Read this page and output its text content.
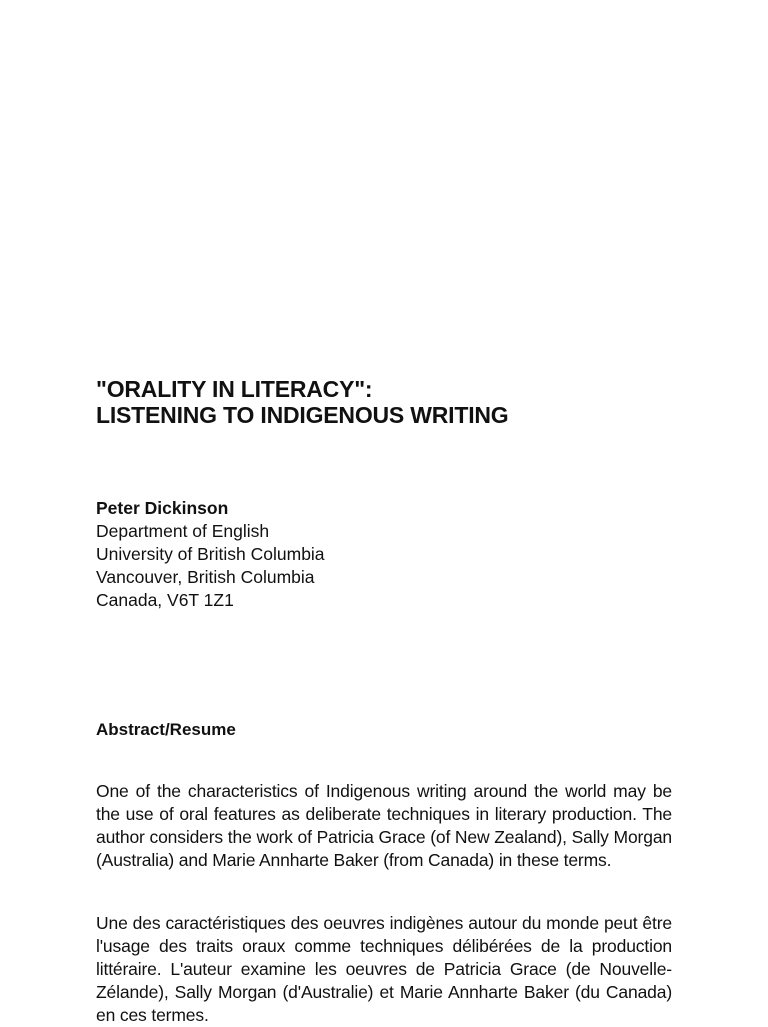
"ORALITY IN LITERACY":
LISTENING TO INDIGENOUS WRITING
Peter Dickinson
Department of English
University of British Columbia
Vancouver, British Columbia
Canada, V6T 1Z1
Abstract/Resume

One of the characteristics of Indigenous writing around the world may be the use of oral features as deliberate techniques in literary production. The author considers the work of Patricia Grace (of New Zealand), Sally Morgan (Australia) and Marie Annharte Baker (from Canada) in these terms.

Une des caractéristiques des oeuvres indigènes autour du monde peut être l'usage des traits oraux comme techniques délibérées de la production littéraire. L'auteur examine les oeuvres de Patricia Grace (de Nouvelle-Zélande), Sally Morgan (d'Australie) et Marie Annharte Baker (du Canada) en ces termes.
